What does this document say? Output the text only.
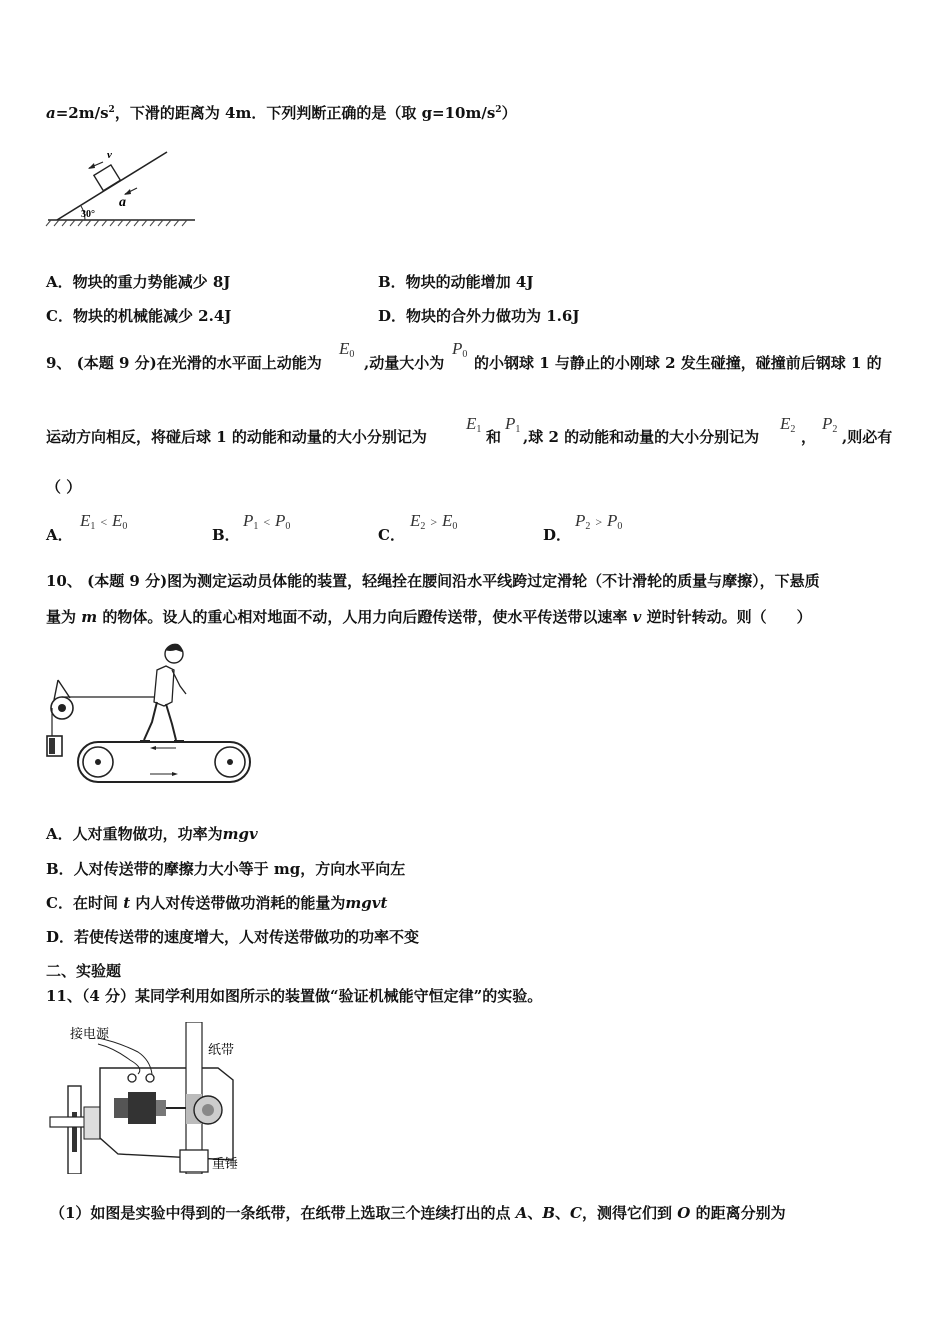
$a=2m/s^2$，下滑的距离为 4m．下列判断正确的是（取 $g=10m/s^2$）
v
a
30°
A．物块的重力势能减少 8J	B．物块的动能增加 4J
C．物块的机械能减少 2.4J	D．物块的合外力做功为 1.6J
9、 (本题 9 分)在光滑的水平面上动能为
$E_0$ ,动量大小为
$P_0$ 的小钢球 1 与静止的小刚球 2 发生碰撞，碰撞前后钢球 1 的
运动方向相反，将碰后球 1 的动能和动量的大小分别记为
$E_1$ 和
$P_1$ ,球 2 的动能和动量的大小分别记为
$E_2$ ，
$P_2$ ,则必有
（ ）
A．
$E_1 < E_0$	B．
$P_1 < P_0$	C．
$E_2 > E_0$	D．
$P_2 > P_0$
10、 (本题 9 分)图为测定运动员体能的装置，轻绳拴在腰间沿水平线跨过定滑轮（不计滑轮的质量与摩擦），下悬质
量为 m 的物体。设人的重心相对地面不动，人用力向后蹬传送带，使水平传送带以速率 v 逆时针转动。则（　　）
A．人对重物做功，功率为mgv
B．人对传送带的摩擦力大小等于 mg，方向水平向左
C．在时间 t 内人对传送带做功消耗的能量为mgvt
D．若使传送带的速度增大，人对传送带做功的功率不变
二、实验题
11、（4 分）某同学利用如图所示的装置做“验证机械能守恒定律”的实验。
接电源
纸带
重锤
（1）如图是实验中得到的一条纸带，在纸带上选取三个连续打出的点 A、B、C，测得它们到 O 的距离分别为
